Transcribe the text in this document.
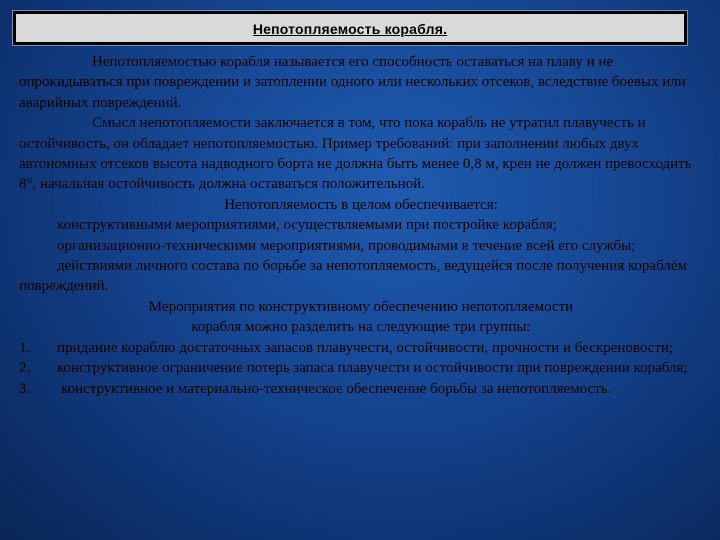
Непотопляемость корабля.

Непотопляемостью корабля называется его способность оставаться на плаву и не опрокидываться при повреждении и затоплении одного или нескольких отсеков, вследствие боевых или аварийных повреждений.

Смысл непотопляемости заключается в том, что пока корабль не утратил плавучесть и остойчивость, он обладает непотопляемостью. Пример требований: при заполнении любых двух автономных отсеков высота надводного борта не должна быть менее 0,8 м, крен не должен превосходить 8°, начальная остойчивость должна оставаться положительной.

Непотопляемость в целом обеспечивается:

конструктивными мероприятиями, осуществляемыми при постройке корабля;

организационно-техническими мероприятиями, проводимыми в течение всей его службы;

действиями личного состава по борьбе за непотопляемость, ведущейся после получения кораблём повреждений.

Мероприятия по конструктивному обеспечению непотопляемости

корабля можно разделить на следующие три группы:

1. придание кораблю достаточных запасов плавучести, остойчивости, прочности и бескреновости;

2. конструктивное ограничение потерь запаса плавучести и остойчивости при повреждении корабля;

3. конструктивное и материально-техническое обеспечение борьбы за непотопляемость.
